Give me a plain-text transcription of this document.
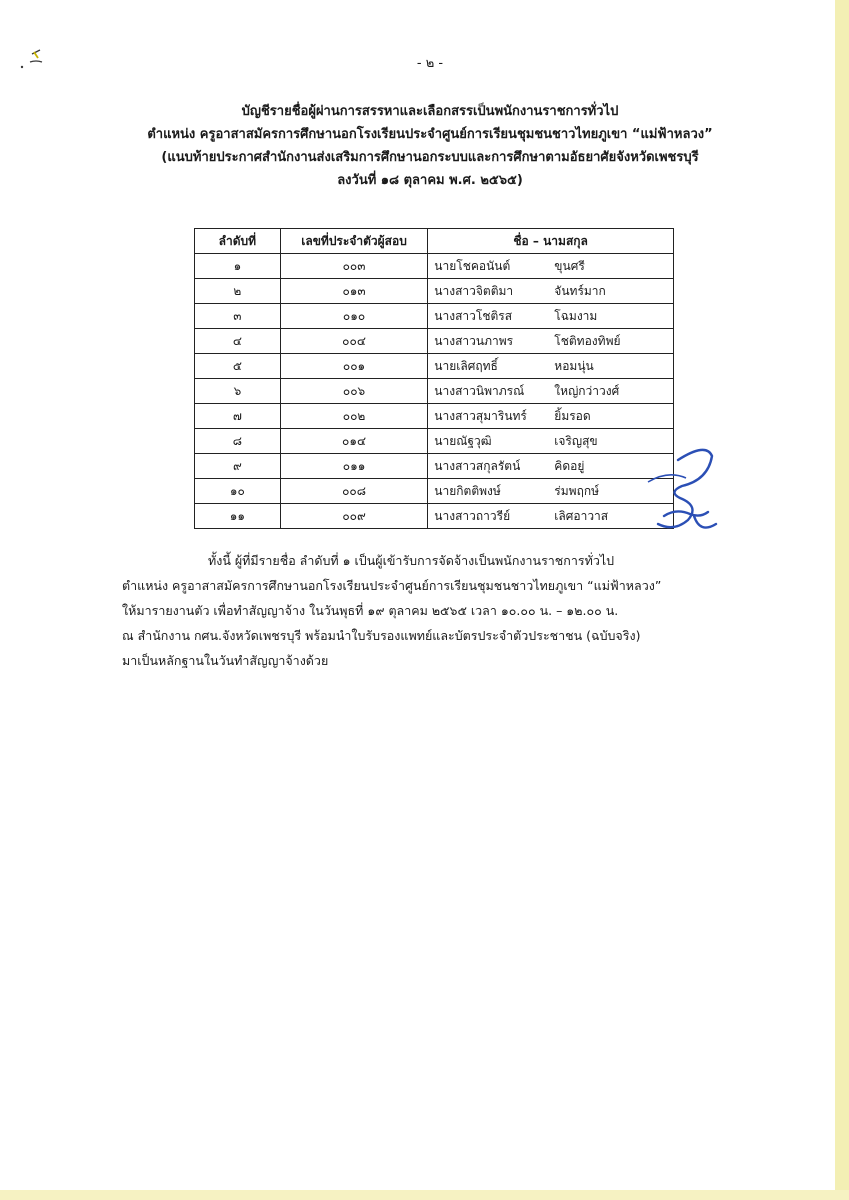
- ๒ -
บัญชีรายชื่อผู้ผ่านการสรรหาและเลือกสรรเป็นพนักงานราชการทั่วไป
ตำแหน่ง ครูอาสาสมัครการศึกษานอกโรงเรียนประจำศูนย์การเรียนชุมชนชาวไทยภูเขา “แม่ฟ้าหลวง”
(แนบท้ายประกาศสำนักงานส่งเสริมการศึกษานอกระบบและการศึกษาตามอัธยาศัยจังหวัดเพชรบุรี
ลงวันที่ ๑๘ ตุลาคม พ.ศ. ๒๕๖๕)
ลำดับที่	เลขที่ประจำตัวผู้สอบ	ชื่อ – นามสกุล
๑	๐๐๓	นายโชคอนันต์ ขุนศรี

๒	๐๑๓	นางสาวจิตติมา จันทร์มาก

๓	๐๑๐	นางสาวโชติรส โฉมงาม

๔	๐๐๔	นางสาวนภาพร โชติทองทิพย์

๕	๐๐๑	นายเลิศฤทธิ์ หอมนุ่น

๖	๐๐๖	นางสาวนิพาภรณ์ ใหญ่กว่าวงศ์

๗	๐๐๒	นางสาวสุมารินทร์ ยิ้มรอด

๘	๐๑๔	นายณัฐวุฒิ เจริญสุข

๙	๐๑๑	นางสาวสกุลรัตน์ คิดอยู่

๑๐	๐๐๘	นายกิตติพงษ์ ร่มพฤกษ์

๑๑	๐๐๙	นางสาวถาวรีย์ เลิศอาวาส
ทั้งนี้ ผู้ที่มีรายชื่อ ลำดับที่ ๑ เป็นผู้เข้ารับการจัดจ้างเป็นพนักงานราชการทั่วไป
ตำแหน่ง ครูอาสาสมัครการศึกษานอกโรงเรียนประจำศูนย์การเรียนชุมชนชาวไทยภูเขา “แม่ฟ้าหลวง”
ให้มารายงานตัว เพื่อทำสัญญาจ้าง ในวันพุธที่ ๑๙ ตุลาคม ๒๕๖๕ เวลา ๑๐.๐๐ น. – ๑๒.๐๐ น.
ณ สำนักงาน กศน.จังหวัดเพชรบุรี พร้อมนำใบรับรองแพทย์และบัตรประจำตัวประชาชน (ฉบับจริง)
มาเป็นหลักฐานในวันทำสัญญาจ้างด้วย
